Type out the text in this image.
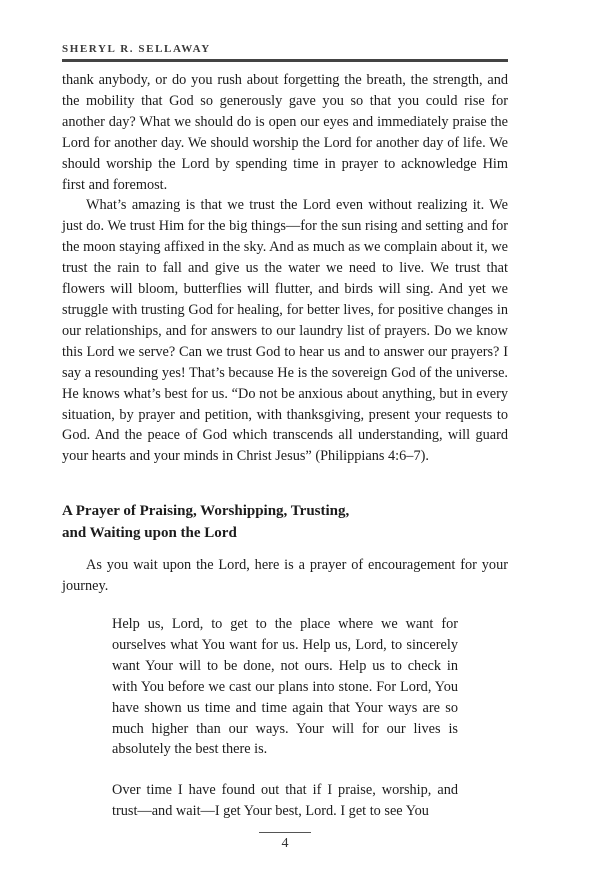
SHERYL R. SELLAWAY

thank anybody, or do you rush about forgetting the breath, the strength, and the mobility that God so generously gave you so that you could rise for another day? What we should do is open our eyes and immediately praise the Lord for another day. We should worship the Lord for another day of life. We should worship the Lord by spending time in prayer to acknowledge Him first and foremost.

What’s amazing is that we trust the Lord even without realizing it. We just do. We trust Him for the big things—for the sun rising and setting and for the moon staying affixed in the sky. And as much as we complain about it, we trust the rain to fall and give us the water we need to live. We trust that flowers will bloom, butterflies will flutter, and birds will sing. And yet we struggle with trusting God for healing, for better lives, for positive changes in our relationships, and for answers to our laundry list of prayers. Do we know this Lord we serve? Can we trust God to hear us and to answer our prayers? I say a resounding yes! That’s because He is the sovereign God of the universe. He knows what’s best for us. “Do not be anxious about anything, but in every situation, by prayer and petition, with thanksgiving, present your requests to God. And the peace of God which transcends all understanding, will guard your hearts and your minds in Christ Jesus” (Philippians 4:6–7).

A Prayer of Praising, Worshipping, Trusting,
and Waiting upon the Lord

As you wait upon the Lord, here is a prayer of encouragement for your journey.

Help us, Lord, to get to the place where we want for ourselves what You want for us. Help us, Lord, to sincerely want Your will to be done, not ours. Help us to check in with You before we cast our plans into stone. For Lord, You have shown us time and time again that Your ways are so much higher than our ways. Your will for our lives is absolutely the best there is.

Over time I have found out that if I praise, worship, and trust—and wait—I get Your best, Lord. I get to see You

4
